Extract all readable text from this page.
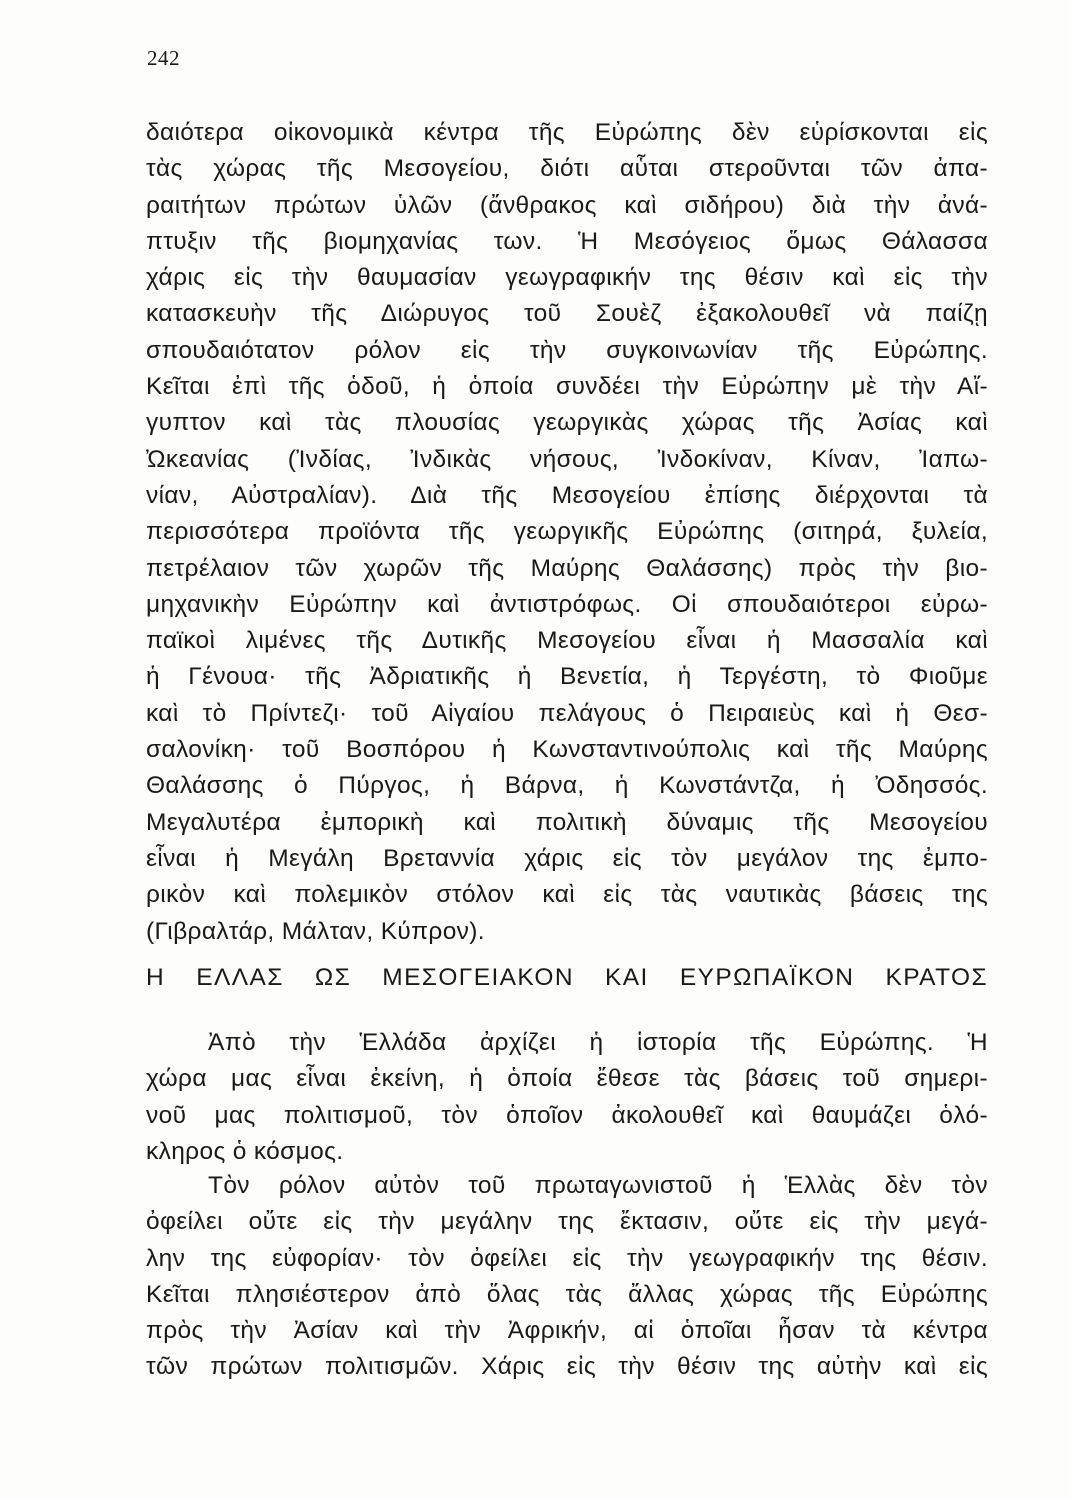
242
δαιότερα οἰκονομικὰ κέντρα τῆς Εὐρώπης δὲν εὑρίσκονται εἰς
τὰς χώρας τῆς Μεσογείου, διότι αὗται στεροῦνται τῶν ἀπα-
ραιτήτων πρώτων ὑλῶν (ἄνθρακος καὶ σιδήρου) διὰ τὴν ἀνά-
πτυξιν τῆς βιομηχανίας των. Ἡ Μεσόγειος ὅμως Θάλασσα
χάρις εἰς τὴν θαυμασίαν γεωγραφικήν της θέσιν καὶ εἰς τὴν
κατασκευὴν τῆς Διώρυγος τοῦ Σουὲζ ἐξακολουθεῖ νὰ παίζῃ
σπουδαιότατον ρόλον εἰς τὴν συγκοινωνίαν τῆς Εὐρώπης.
Κεῖται ἐπὶ τῆς ὁδοῦ, ἡ ὁποία συνδέει τὴν Εὐρώπην μὲ τὴν Αἴ-
γυπτον καὶ τὰς πλουσίας γεωργικὰς χώρας τῆς Ἀσίας καὶ
Ὠκεανίας (Ἰνδίας, Ἰνδικὰς νήσους, Ἰνδοκίναν, Κίναν, Ἰαπω-
νίαν, Αὐστραλίαν). Διὰ τῆς Μεσογείου ἐπίσης διέρχονται τὰ
περισσότερα προϊόντα τῆς γεωργικῆς Εὐρώπης (σιτηρά, ξυλεία,
πετρέλαιον τῶν χωρῶν τῆς Μαύρης Θαλάσσης) πρὸς τὴν βιο-
μηχανικὴν Εὐρώπην καὶ ἀντιστρόφως. Οἱ σπουδαιότεροι εὐρω-
παϊκοὶ λιμένες τῆς Δυτικῆς Μεσογείου εἶναι ἡ Μασσαλία καὶ
ἡ Γένουα· τῆς Ἀδριατικῆς ἡ Βενετία, ἡ Τεργέστη, τὸ Φιοῦμε
καὶ τὸ Πρίντεζι· τοῦ Αἰγαίου πελάγους ὁ Πειραιεὺς καὶ ἡ Θεσ-
σαλονίκη· τοῦ Βοσπόρου ἡ Κωνσταντινούπολις καὶ τῆς Μαύρης
Θαλάσσης ὁ Πύργος, ἡ Βάρνα, ἡ Κωνστάντζα, ἡ Ὀδησσός.
Μεγαλυτέρα ἐμπορικὴ καὶ πολιτικὴ δύναμις τῆς Μεσογείου
εἶναι ἡ Μεγάλη Βρεταννία χάρις εἰς τὸν μεγάλον της ἐμπο-
ρικὸν καὶ πολεμικὸν στόλον καὶ εἰς τὰς ναυτικὰς βάσεις της
(Γιβραλτάρ, Μάλταν, Κύπρον).
Η ΕΛΛΑΣ ΩΣ ΜΕΣΟΓΕΙΑΚΟΝ ΚΑΙ ΕΥΡΩΠΑΪΚΟΝ ΚΡΑΤΟΣ
Ἀπὸ τὴν Ἑλλάδα ἀρχίζει ἡ ἱστορία τῆς Εὐρώπης. Ἡ
χώρα μας εἶναι ἐκείνη, ἡ ὁποία ἔθεσε τὰς βάσεις τοῦ σημερι-
νοῦ μας πολιτισμοῦ, τὸν ὁποῖον ἀκολουθεῖ καὶ θαυμάζει ὁλό-
κληρος ὁ κόσμος.
Τὸν ρόλον αὐτὸν τοῦ πρωταγωνιστοῦ ἡ Ἑλλὰς δὲν τὸν
ὀφείλει οὔτε εἰς τὴν μεγάλην της ἔκτασιν, οὔτε εἰς τὴν μεγά-
λην της εὐφορίαν· τὸν ὀφείλει εἰς τὴν γεωγραφικήν της θέσιν.
Κεῖται πλησιέστερον ἀπὸ ὅλας τὰς ἄλλας χώρας τῆς Εὐρώπης
πρὸς τὴν Ἀσίαν καὶ τὴν Ἀφρικήν, αἱ ὁποῖαι ἦσαν τὰ κέντρα
τῶν πρώτων πολιτισμῶν. Χάρις εἰς τὴν θέσιν της αὐτὴν καὶ εἰς
